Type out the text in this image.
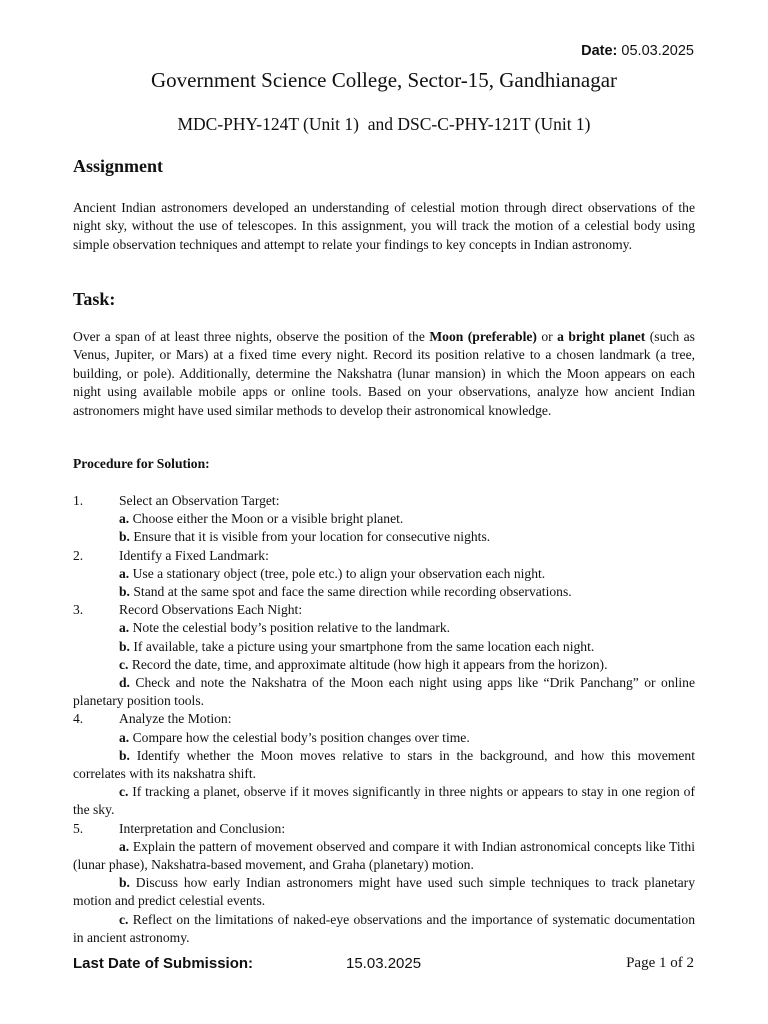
Date: 05.03.2025
Government Science College, Sector-15, Gandhianagar
MDC-PHY-124T (Unit 1)  and DSC-C-PHY-121T (Unit 1)
Assignment
Ancient Indian astronomers developed an understanding of celestial motion through direct observations of the night sky, without the use of telescopes. In this assignment, you will track the motion of a celestial body using simple observation techniques and attempt to relate your findings to key concepts in Indian astronomy.
Task:
Over a span of at least three nights, observe the position of the Moon (preferable) or a bright planet (such as Venus, Jupiter, or Mars) at a fixed time every night. Record its position relative to a chosen landmark (a tree, building, or pole). Additionally, determine the Nakshatra (lunar mansion) in which the Moon appears on each night using available mobile apps or online tools. Based on your observations, analyze how ancient Indian astronomers might have used similar methods to develop their astronomical knowledge.
Procedure for Solution:
1.	Select an Observation Target:
a. Choose either the Moon or a visible bright planet.
b. Ensure that it is visible from your location for consecutive nights.
2.	Identify a Fixed Landmark:
a. Use a stationary object (tree, pole etc.) to align your observation each night.
b. Stand at the same spot and face the same direction while recording observations.
3.	Record Observations Each Night:
a. Note the celestial body’s position relative to the landmark.
b. If available, take a picture using your smartphone from the same location each night.
c. Record the date, time, and approximate altitude (how high it appears from the horizon).
d. Check and note the Nakshatra of the Moon each night using apps like “Drik Panchang” or online planetary position tools.
4.	Analyze the Motion:
a. Compare how the celestial body’s position changes over time.
b. Identify whether the Moon moves relative to stars in the background, and how this movement correlates with its nakshatra shift.
c. If tracking a planet, observe if it moves significantly in three nights or appears to stay in one region of the sky.
5.	Interpretation and Conclusion:
a. Explain the pattern of movement observed and compare it with Indian astronomical concepts like Tithi (lunar phase), Nakshatra-based movement, and Graha (planetary) motion.
b. Discuss how early Indian astronomers might have used such simple techniques to track planetary motion and predict celestial events.
c. Reflect on the limitations of naked-eye observations and the importance of systematic documentation in ancient astronomy.
Last Date of Submission:	15.03.2025	Page 1 of 2
